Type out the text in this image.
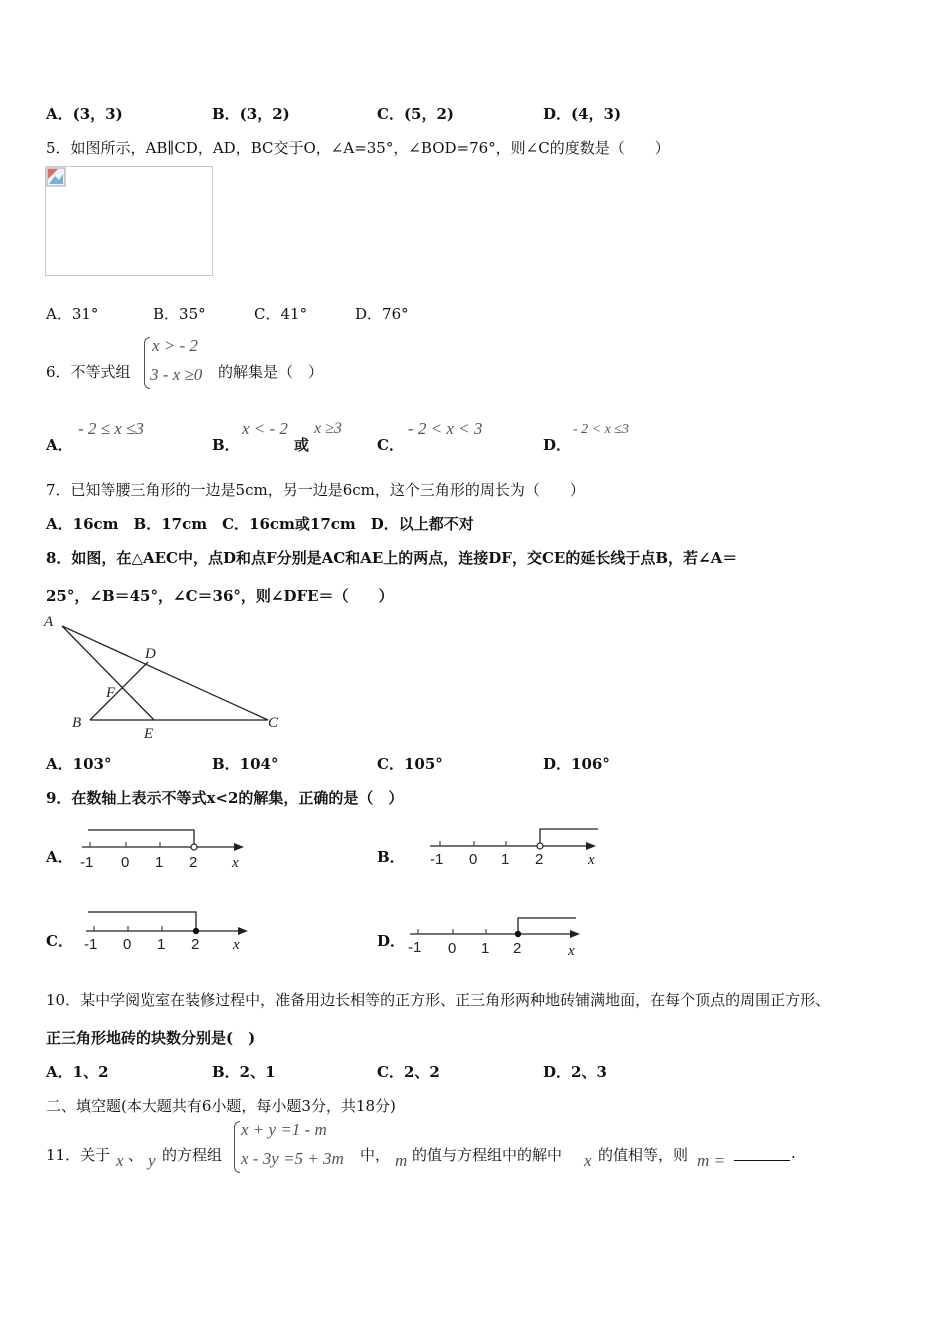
A．(3，3)	B．(3，2)	C．(5，2)	D．(4，3)
5．如图所示，AB∥CD，AD，BC交于O，∠A=35°，∠BOD=76°，则∠C的度数是（　　）
A．31°	B．35°	C．41°	D．76°
6．不等式组
x > - 2
3 - x ≥0 的解集是（　）
A．
- 2 ≤ x ≤3
B．
x < - 2
或
x ≥3
C．
- 2 < x < 3
D．
- 2 < x ≤3
7．已知等腰三角形的一边是5cm，另一边是6cm，这个三角形的周长为（　　）
A．16cm　B．17cm　C．16cm或17cm　D．以上都不对
8．如图，在△AEC中，点D和点F分别是AC和AE上的两点，连接DF，交CE的延长线于点B，若∠A＝
25°，∠B＝45°，∠C＝36°，则∠DFE＝（　　）
A
D
F
B
E
C
A．103°	B．104°	C．105°	D．106°
9．在数轴上表示不等式x<2的解集，正确的是（　）
A． -1 0 1 2 x	B． -1 0 1 2	x
C． -1 0 1 2 x	D． -1 0 1 2	x
10．某中学阅览室在装修过程中，准备用边长相等的正方形、正三角形两种地砖铺满地面，在每个顶点的周围正方形、
正三角形地砖的块数分别是(　)
A．1、2	B．2、1	C．2、2	D．2、3
二、填空题(本大题共有6小题，每小题3分，共18分)
11．关于 x 、 y 的方程组
x + y =1 - m
x - 3y =5 + 3m 中， m 的值与方程组中的解中 x 的值相等，则 m =	.
